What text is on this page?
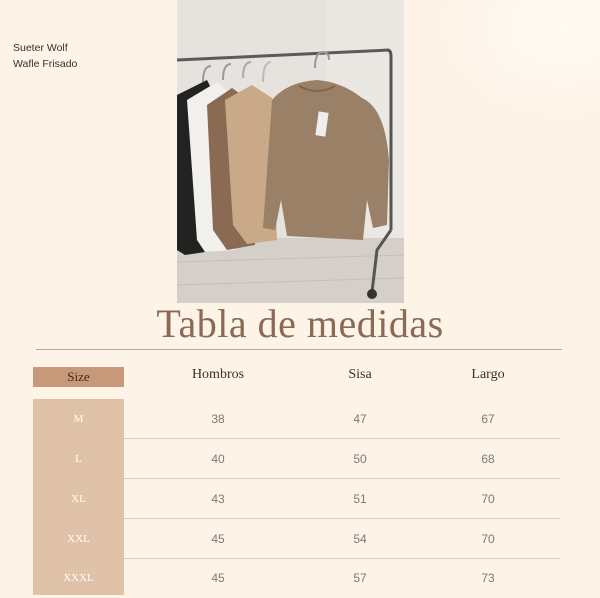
Sueter Wolf
Wafle Frisado
Tabla de medidas
Size	Hombros	Sisa	Largo
M	38	47	67
L	40	50	68
XL	43	51	70
XXL	45	54	70
XXXL	45	57	73
